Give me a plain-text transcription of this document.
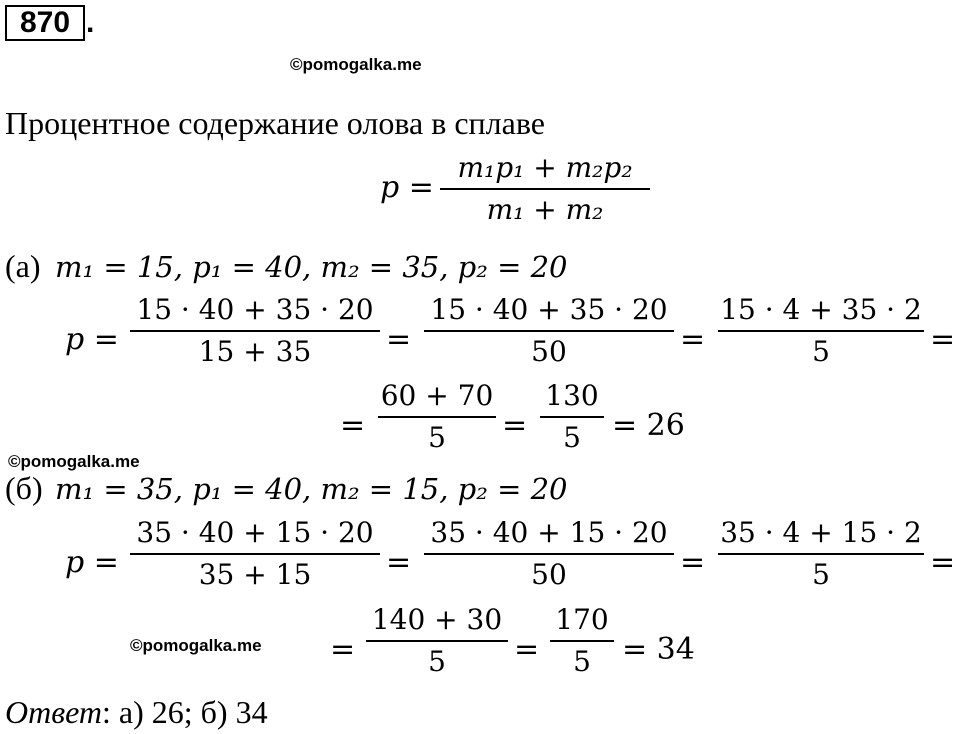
870 .
©pomogalka.me
©pomogalka.me
©pomogalka.me
Процентное содержание олова в сплаве
p =
m₁p₁ + m₂p₂
m₁ + m₂
(а) m₁ = 15, p₁ = 40, m₂ = 35, p₂ = 20
p =
15 · 40 + 35 · 20
15 + 35	=
15 · 40 + 35 · 20
50	=
15 · 4 + 35 · 2
5	=
=
60 + 70
5	=
130
5	= 26
(б) m₁ = 35, p₁ = 40, m₂ = 15, p₂ = 20
p =
35 · 40 + 15 · 20
35 + 15	=
35 · 40 + 15 · 20
50	=
35 · 4 + 15 · 2
5	=
=
140 + 30
5	=
170
5	= 34
Ответ: а) 26; б) 34
